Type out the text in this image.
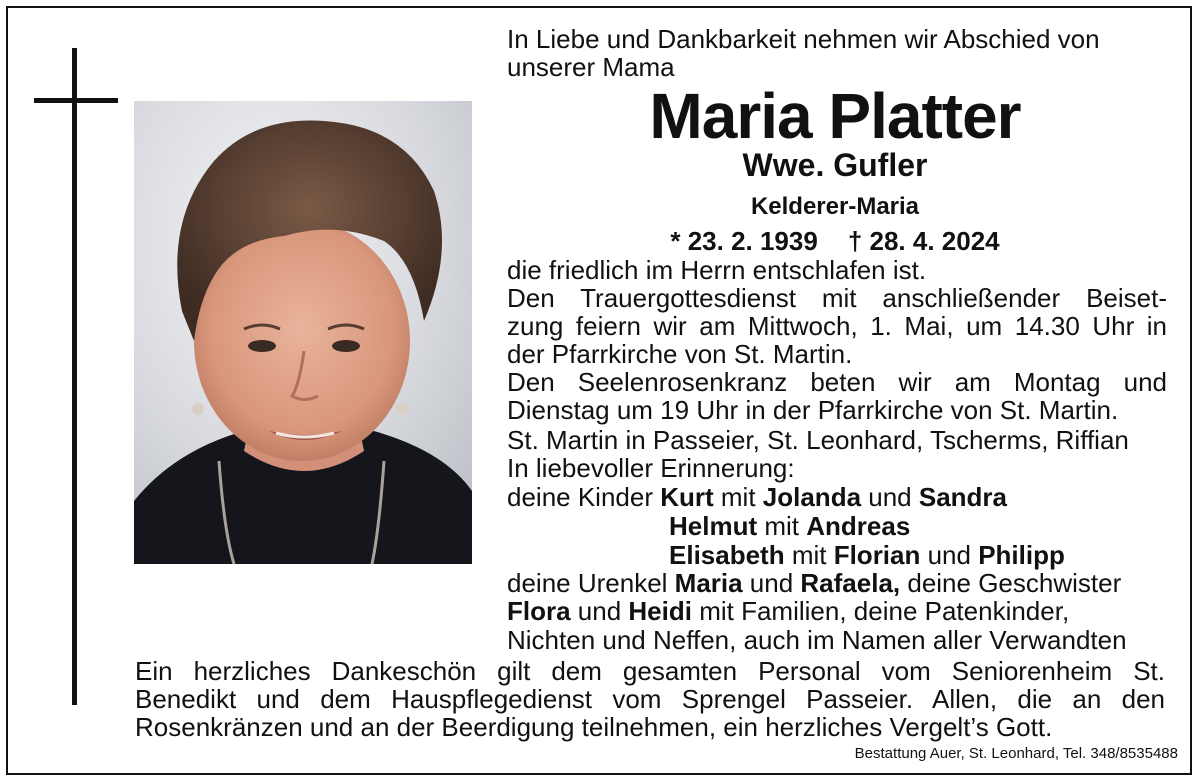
In Liebe und Dankbarkeit nehmen wir Abschied von
unserer Mama
Maria Platter
Wwe. Gufler
Kelderer-Maria
* 23. 2. 1939 † 28. 4. 2024
die friedlich im Herrn entschlafen ist.
Den Trauergottesdienst mit anschließender Beiset-
zung feiern wir am Mittwoch, 1. Mai, um 14.30 Uhr in
der Pfarrkirche von St. Martin.
Den Seelenrosenkranz beten wir am Montag und
Dienstag um 19 Uhr in der Pfarrkirche von St. Martin.
St. Martin in Passeier, St. Leonhard, Tscherms, Riffian
In liebevoller Erinnerung:
deine Kinder Kurt mit Jolanda und Sandra
Helmut mit Andreas
Elisabeth mit Florian und Philipp
deine Urenkel Maria und Rafaela, deine Geschwister
Flora und Heidi mit Familien, deine Patenkinder,
Nichten und Neffen, auch im Namen aller Verwandten
Ein herzliches Dankeschön gilt dem gesamten Personal vom Seniorenheim St.
Benedikt und dem Hauspflegedienst vom Sprengel Passeier. Allen, die an den
Rosenkränzen und an der Beerdigung teilnehmen, ein herzliches Vergelt’s Gott.
Bestattung Auer, St. Leonhard, Tel. 348/8535488
